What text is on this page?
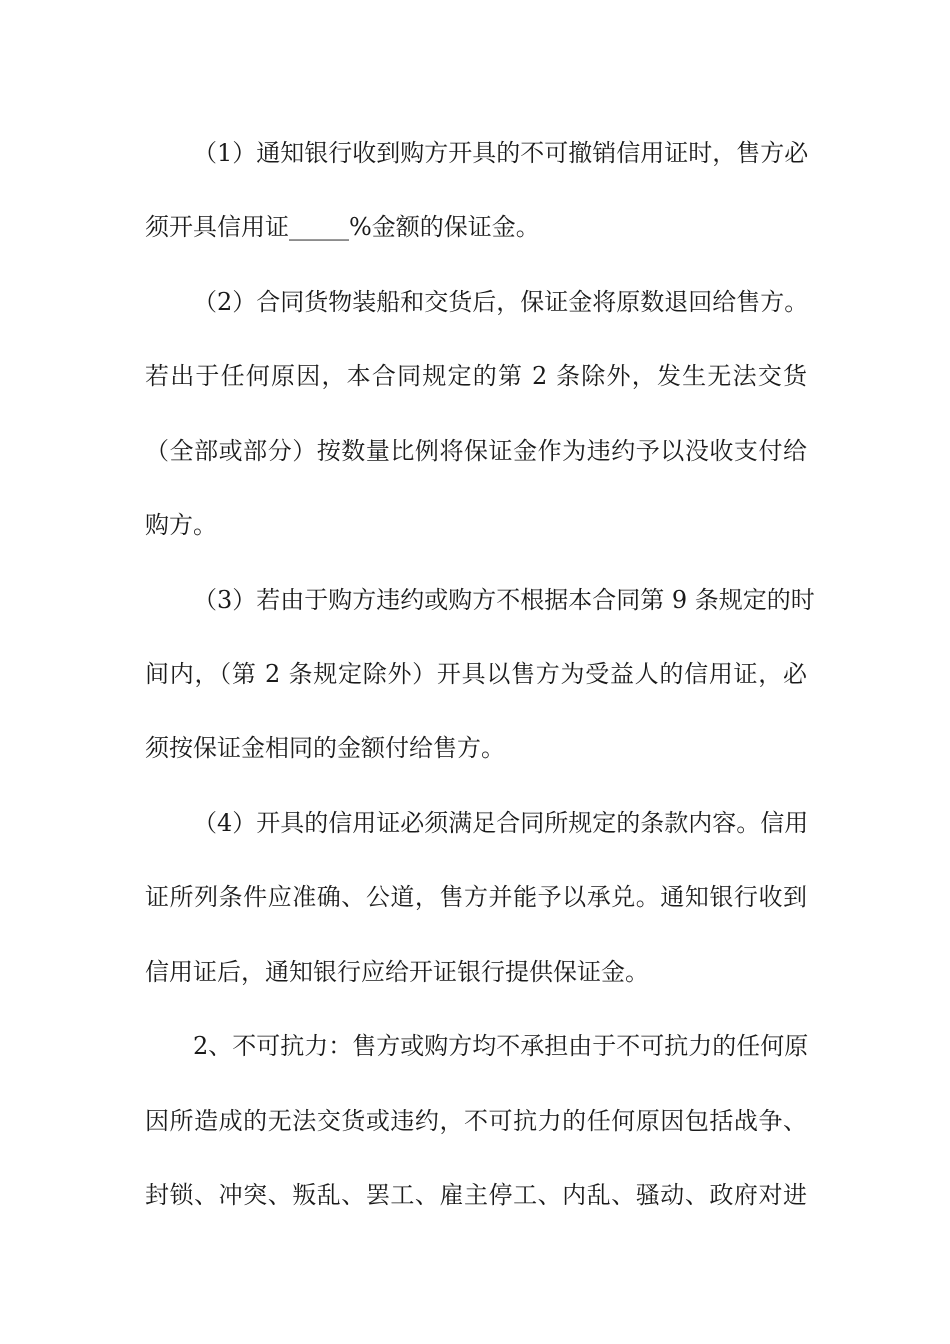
（1）通知银行收到购方开具的不可撤销信用证时，售方必
须开具信用证_____%金额的保证金。
（2）合同货物装船和交货后，保证金将原数退回给售方。
若出于任何原因，本合同规定的第 2 条除外，发生无法交货
（全部或部分）按数量比例将保证金作为违约予以没收支付给
购方。
（3）若由于购方违约或购方不根据本合同第 9 条规定的时
间内，（第 2 条规定除外）开具以售方为受益人的信用证，必
须按保证金相同的金额付给售方。
（4）开具的信用证必须满足合同所规定的条款内容。信用
证所列条件应准确、公道，售方并能予以承兑。通知银行收到
信用证后，通知银行应给开证银行提供保证金。
2、不可抗力：售方或购方均不承担由于不可抗力的任何原
因所造成的无法交货或违约，不可抗力的任何原因包括战争、
封锁、冲突、叛乱、罢工、雇主停工、内乱、骚动、政府对进
